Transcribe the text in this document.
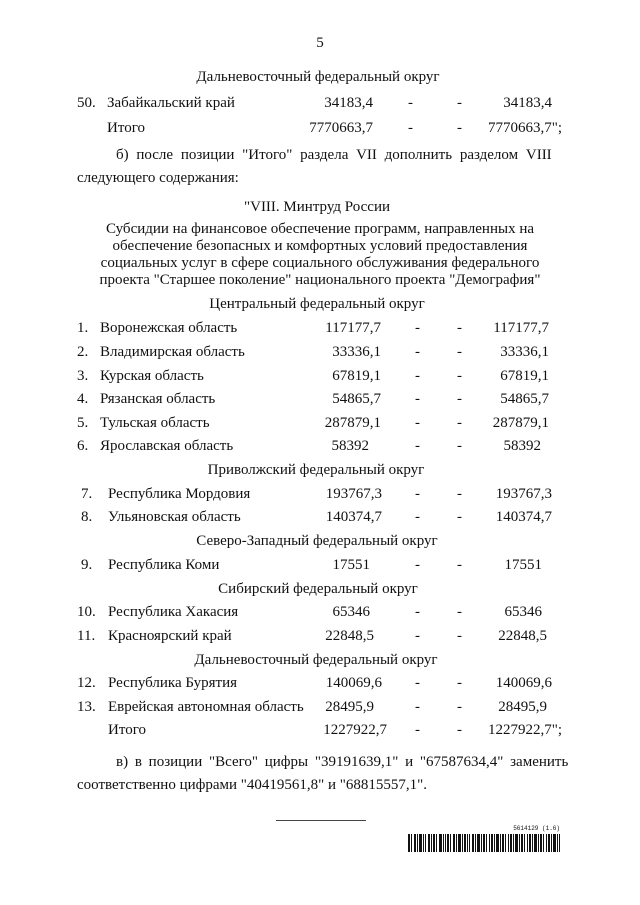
5
Дальневосточный федеральный округ
50. Забайкальский край	34183,4 -	-	34183,4
Итого	7770663,7 -	- 7770663,7";
б) после позиции "Итого" раздела VII дополнить разделом VIII
следующего содержания:
"VIII. Минтруд России
Субсидии на финансовое обеспечение программ, направленных на
обеспечение безопасных и комфортных условий предоставления
социальных услуг в сфере социального обслуживания федерального
проекта "Старшее поколение" национального проекта "Демография"
Центральный федеральный округ
1. Воронежская область	117177,7 - - 117177,7
2. Владимирская область	33336,1 - -	33336,1
3. Курская область	67819,1 - -	67819,1
4. Рязанская область	54865,7 - -	54865,7
5. Тульская область	287879,1 - - 287879,1
6. Ярославская область	58392	- -	58392
Приволжский федеральный округ
7. Республика Мордовия	193767,3 - - 193767,3
8. Ульяновская область	140374,7 - - 140374,7
Северо-Западный федеральный округ
9. Республика Коми	17551	- -	17551
Сибирский федеральный округ
10. Республика Хакасия	65346	- -	65346
11. Красноярский край	22848,5	- - 22848,5
Дальневосточный федеральный округ
12. Республика Бурятия	140069,6 - - 140069,6
13. Еврейская автономная область 28495,9	- - 28495,9
Итого	1227922,7 - - 1227922,7";
в) в позиции "Всего" цифры "39191639,1" и "67587634,4" заменить
соответственно цифрами "40419561,8" и "68815557,1".
5614129 (1.6)
